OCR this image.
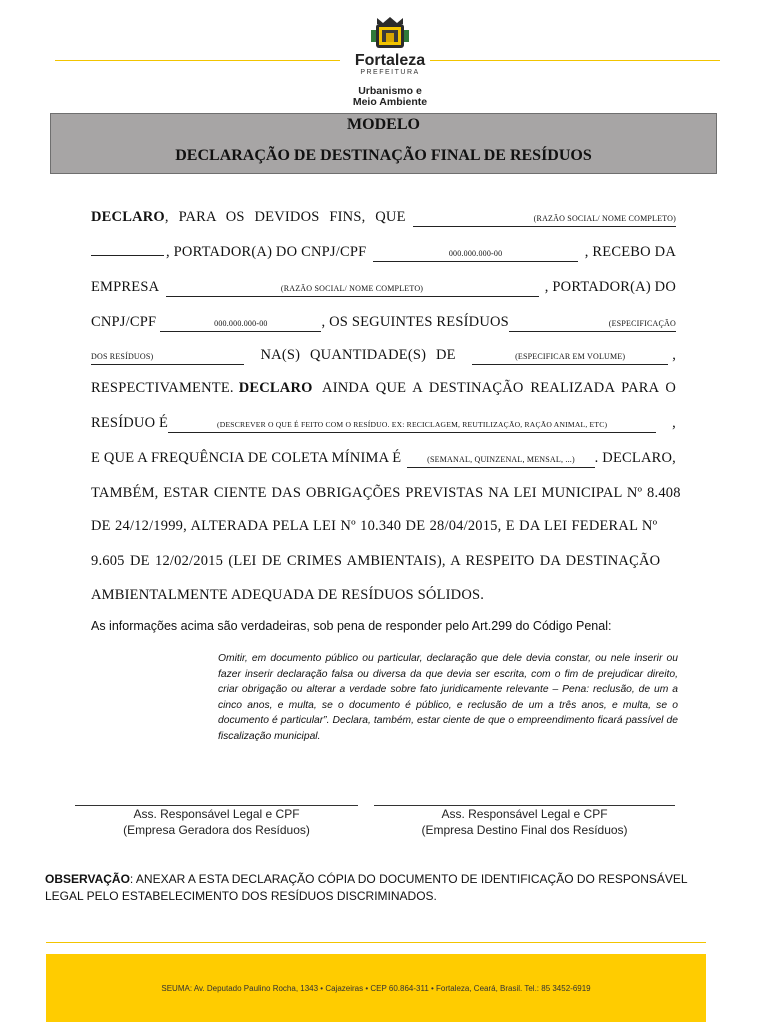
Fortaleza
PREFEITURA
Urbanismo e
Meio Ambiente
MODELO
DECLARAÇÃO DE DESTINAÇÃO FINAL DE RESÍDUOS
DECLARO , PARA OS DEVIDOS FINS, QUE	(RAZÃO SOCIAL/ NOME COMPLETO)
, PORTADOR(A) DO CNPJ/CPF	000.000.000-00	, RECEBO DA
EMPRESA	(RAZÃO SOCIAL/ NOME COMPLETO)	, PORTADOR(A) DO
CNPJ/CPF	000.000.000-00	, OS SEGUINTES RESÍDUOS	(ESPECIFICAÇÃO
DOS RESÍDUOS)	NA(S) QUANTIDADE(S) DE	(ESPECIFICAR EM VOLUME)	,
RESPECTIVAMENTE. DECLARO AINDA QUE A DESTINAÇÃO REALIZADA PARA O
RESÍDUO É	(DESCREVER O QUE É FEITO COM O RESÍDUO. EX: RECICLAGEM, REUTILIZAÇÃO, RAÇÃO ANIMAL, ETC)	,
E QUE A FREQUÊNCIA DE COLETA MÍNIMA É	(SEMANAL, QUINZENAL, MENSAL, ...)	. DECLARO,
TAMBÉM, ESTAR CIENTE DAS OBRIGAÇÕES PREVISTAS NA LEI MUNICIPAL Nº 8.408
DE 24/12/1999, ALTERADA PELA LEI Nº 10.340 DE 28/04/2015, E DA LEI FEDERAL Nº
9.605 DE 12/02/2015 (LEI DE CRIMES AMBIENTAIS), A RESPEITO DA DESTINAÇÃO
AMBIENTALMENTE ADEQUADA DE RESÍDUOS SÓLIDOS.
As informações acima são verdadeiras, sob pena de responder pelo Art.299 do Código Penal:
Omitir, em documento público ou particular, declaração que dele devia constar, ou nele inserir ou fazer inserir declaração falsa ou diversa da que devia ser escrita, com o fim de prejudicar direito, criar obrigação ou alterar a verdade sobre fato juridicamente relevante – Pena: reclusão, de um a cinco anos, e multa, se o documento é público, e reclusão de um a três anos, e multa, se o documento é particular”. Declara, também, estar ciente de que o empreendimento ficará passível de fiscalização municipal.
Ass. Responsável Legal e CPF
(Empresa Geradora dos Resíduos)
Ass. Responsável Legal e CPF
(Empresa Destino Final dos Resíduos)
OBSERVAÇÃO: ANEXAR A ESTA DECLARAÇÃO CÓPIA DO DOCUMENTO DE IDENTIFICAÇÃO DO RESPONSÁVEL LEGAL PELO ESTABELECIMENTO DOS RESÍDUOS DISCRIMINADOS.
SEUMA: Av. Deputado Paulino Rocha, 1343 • Cajazeiras • CEP 60.864-311 • Fortaleza, Ceará, Brasil. Tel.: 85 3452-6919
